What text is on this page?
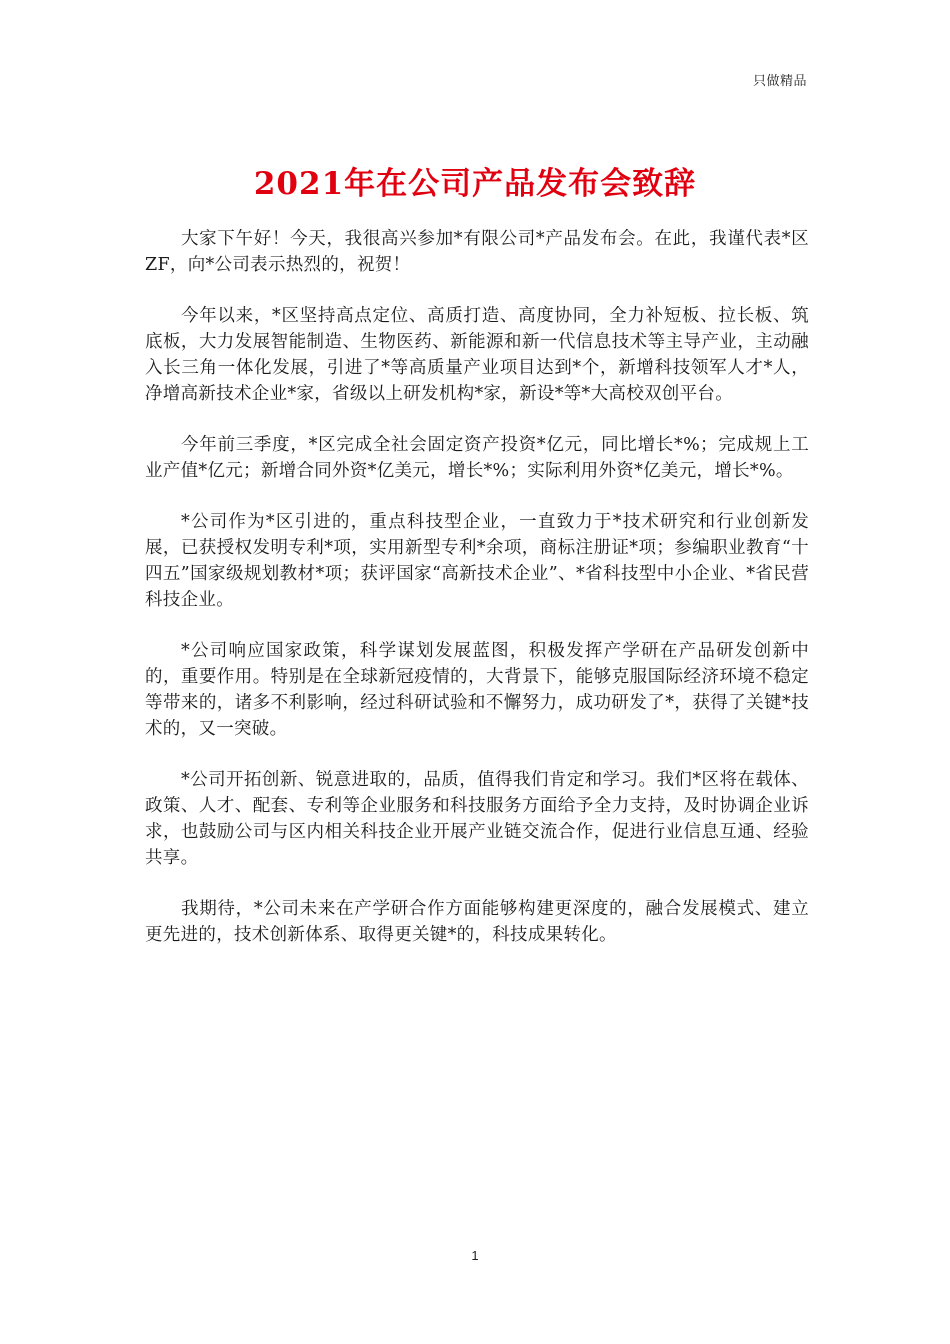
只做精品
2021年在公司产品发布会致辞

大家下午好！今天，我很高兴参加*有限公司*产品发布会。在此，我谨代表*区ZF，向*公司表示热烈的，祝贺！

今年以来，*区坚持高点定位、高质打造、高度协同，全力补短板、拉长板、筑底板，大力发展智能制造、生物医药、新能源和新一代信息技术等主导产业，主动融入长三角一体化发展，引进了*等高质量产业项目达到*个，新增科技领军人才*人，净增高新技术企业*家，省级以上研发机构*家，新设*等*大高校双创平台。

今年前三季度，*区完成全社会固定资产投资*亿元，同比增长*%；完成规上工业产值*亿元；新增合同外资*亿美元，增长*%；实际利用外资*亿美元，增长*%。

*公司作为*区引进的，重点科技型企业，一直致力于*技术研究和行业创新发展，已获授权发明专利*项，实用新型专利*余项，商标注册证*项；参编职业教育“十四五”国家级规划教材*项；获评国家“高新技术企业”、*省科技型中小企业、*省民营科技企业。

*公司响应国家政策，科学谋划发展蓝图，积极发挥产学研在产品研发创新中的，重要作用。特别是在全球新冠疫情的，大背景下，能够克服国际经济环境不稳定等带来的，诸多不利影响，经过科研试验和不懈努力，成功研发了*，获得了关键*技术的，又一突破。

*公司开拓创新、锐意进取的，品质，值得我们肯定和学习。我们*区将在载体、政策、人才、配套、专利等企业服务和科技服务方面给予全力支持，及时协调企业诉求，也鼓励公司与区内相关科技企业开展产业链交流合作，促进行业信息互通、经验共享。

我期待，*公司未来在产学研合作方面能够构建更深度的，融合发展模式、建立更先进的，技术创新体系、取得更关键*的，科技成果转化。

1
